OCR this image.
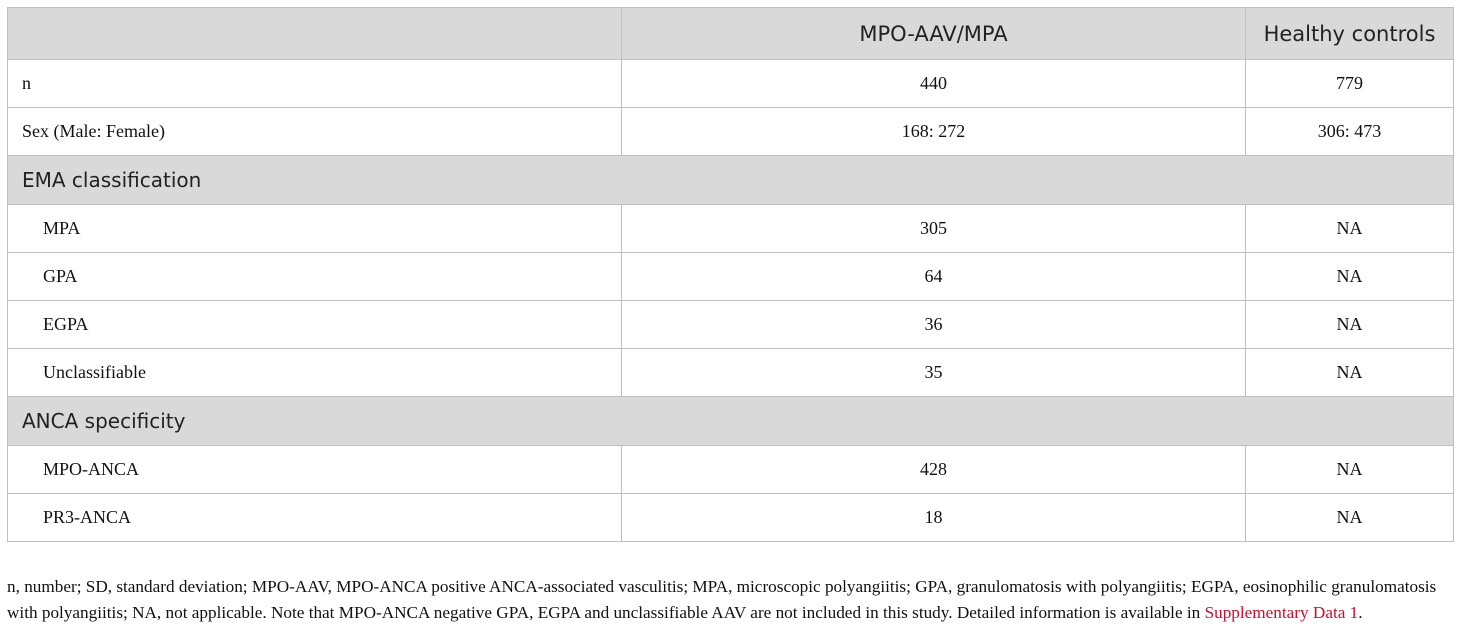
	MPO-AAV/MPA	Healthy controls
n	440	779
Sex (Male: Female)	168: 272	306: 473
EMA classification		
MPA	305	NA
GPA	64	NA
EGPA	36	NA
Unclassifiable	35	NA
ANCA specificity		
MPO-ANCA	428	NA
PR3-ANCA	18	NA
n, number; SD, standard deviation; MPO-AAV, MPO-ANCA positive ANCA-associated vasculitis; MPA, microscopic polyangiitis; GPA, granulomatosis with polyangiitis; EGPA, eosinophilic granulomatosis with polyangiitis; NA, not applicable. Note that MPO-ANCA negative GPA, EGPA and unclassifiable AAV are not included in this study. Detailed information is available in Supplementary Data 1.
